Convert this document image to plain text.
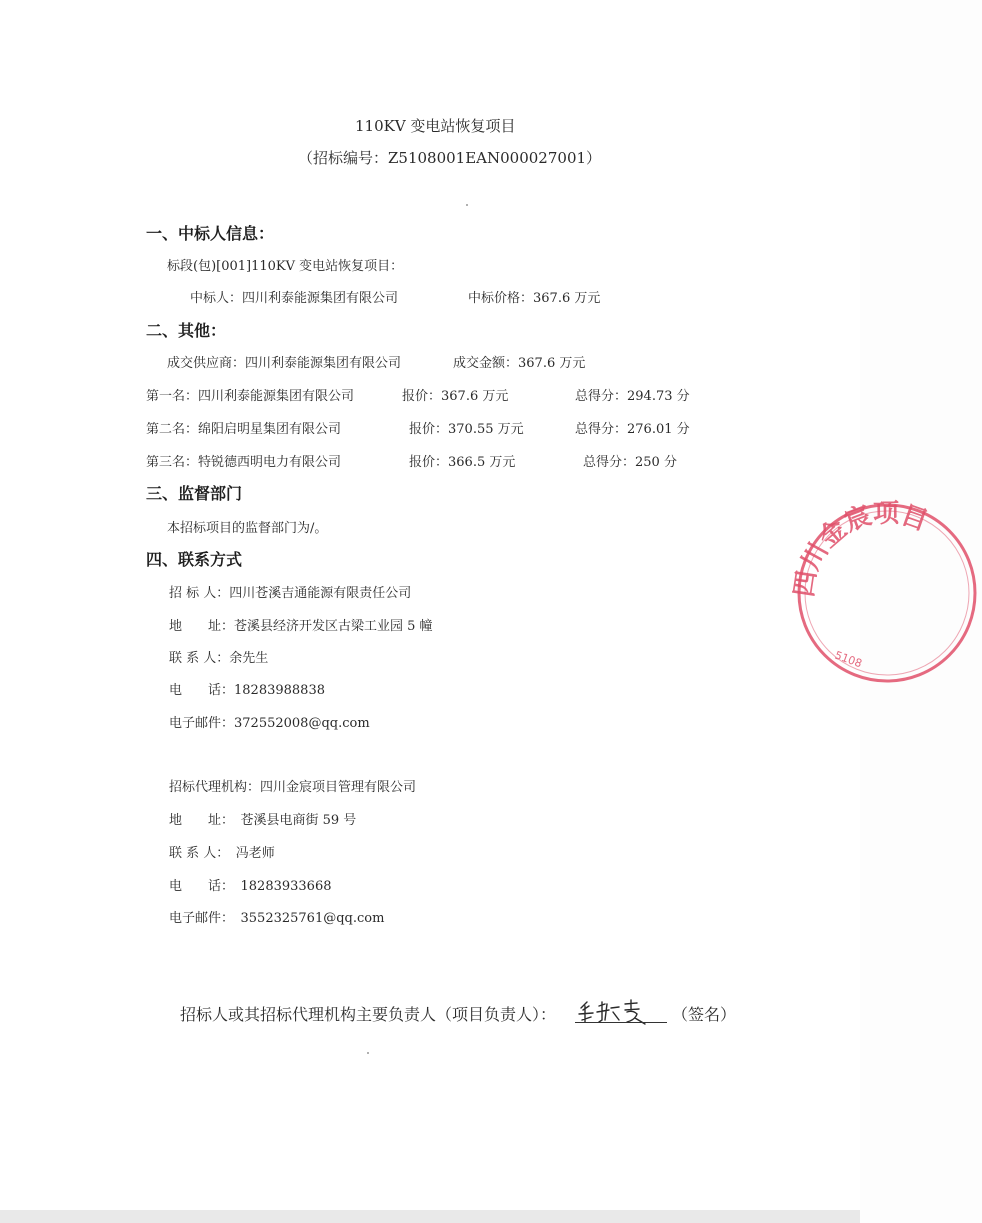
110KV 变电站恢复项目
（招标编号：Z5108001EAN000027001）
一、中标人信息：
标段(包)[001]110KV 变电站恢复项目：
中标人：四川利泰能源集团有限公司	中标价格：367.6 万元
二、其他：
成交供应商：四川利泰能源集团有限公司	成交金额：367.6 万元
第一名：四川利泰能源集团有限公司	报价：367.6 万元	总得分：294.73 分
第二名：绵阳启明星集团有限公司	报价：370.55 万元	总得分：276.01 分
第三名：特锐德西明电力有限公司	报价：366.5 万元	总得分：250 分
三、监督部门
本招标项目的监督部门为/。
四、联系方式
招 标 人：四川苍溪吉通能源有限责任公司
地　　址：苍溪县经济开发区古梁工业园 5 幢
联 系 人：余先生
电　　话：18283988838
电子邮件：372552008@qq.com
招标代理机构：四川金宸项目管理有限公司
地　　址：　苍溪县电商街 59 号
联 系 人：　冯老师
电　　话：　18283933668
电子邮件：　3552325761@qq.com
招标人或其招标代理机构主要负责人（项目负责人）：	（签名）
四川金宸项目
5108
